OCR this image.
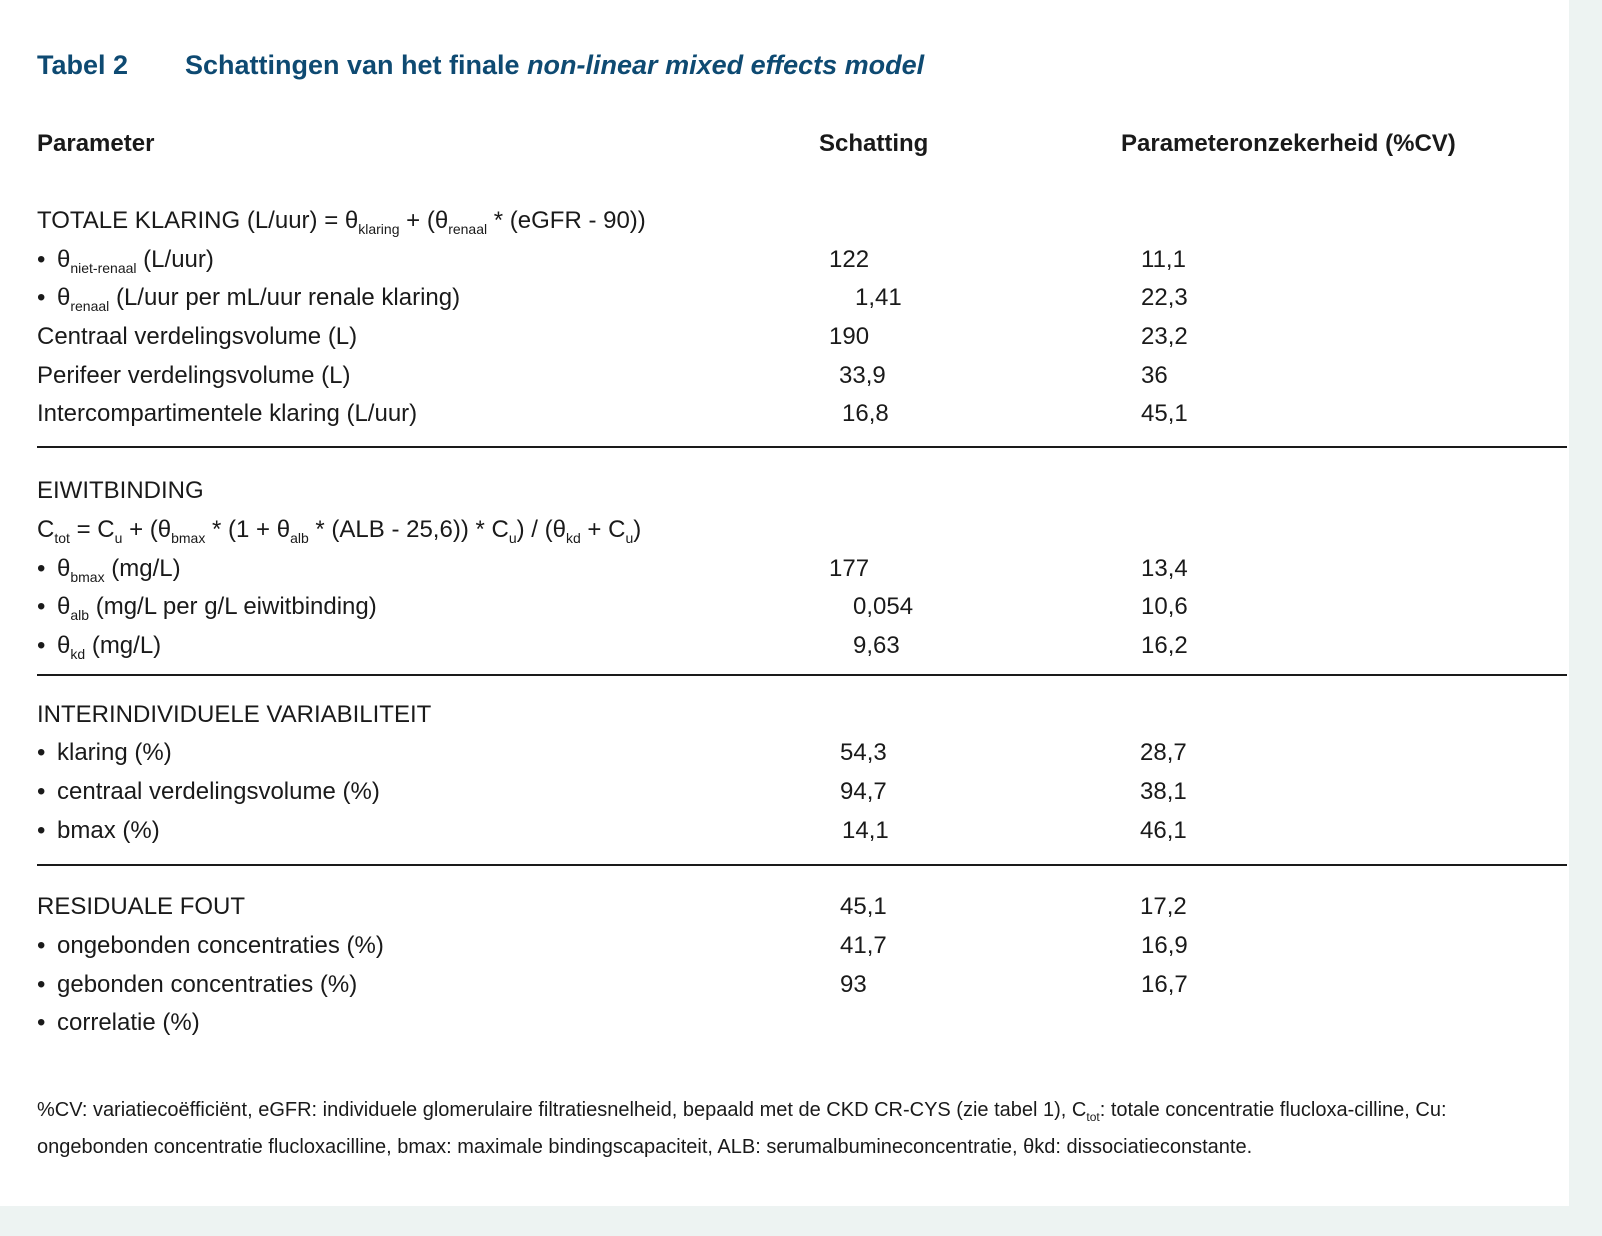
Tabel 2 Schattingen van het finale non-linear mixed effects model
Parameter	Schatting	Parameteronzekerheid (%CV)
TOTALE KLARING $(L/uur) = \theta_{klaring} + (\theta_{renaal}$ * (eGFR - 90))
• $\theta_{niet-renaal}$ (L/uur)	122	11,1
• $\theta_{renaal}$ (L/uur per mL/uur renale klaring)	1,41	22,3
Centraal verdelingsvolume (L)	190	23,2
Perifeer verdelingsvolume (L)	33,9	36
Intercompartimentele klaring (L/uur)	16,8	45,1
EIWITBINDING
$C_{tot} = C_u + (\theta_{bmax} * (1 + \theta_{alb} * (ALB - 25,6)) * C_u) / (\theta_{kd} + C_u)$
• $\theta_{bmax}$ (mg/L)	177	13,4
• $\theta_{alb}$ (mg/L per g/L eiwitbinding)	0,054	10,6
• $\theta_{kd}$ (mg/L)	9,63	16,2
INTERINDIVIDUELE VARIABILITEIT
• klaring (%)	54,3	28,7
• centraal verdelingsvolume (%)	94,7	38,1
• bmax (%)	14,1	46,1
RESIDUALE FOUT	45,1	17,2
• ongebonden concentraties (%)	41,7	16,9
• gebonden concentraties (%)	93	16,7
• correlatie (%)
%CV: variatiecoëfficiënt, eGFR: individuele glomerulaire filtratiesnelheid, bepaald met de CKD CR-CYS (zie tabel 1), $C_{tot}$: totale concentratie flucloxa-cilline, Cu: ongebonden concentratie flucloxacilline, bmax: maximale bindingscapaciteit, ALB: serumalbumineconcentratie, θkd: dissociatieconstante.
